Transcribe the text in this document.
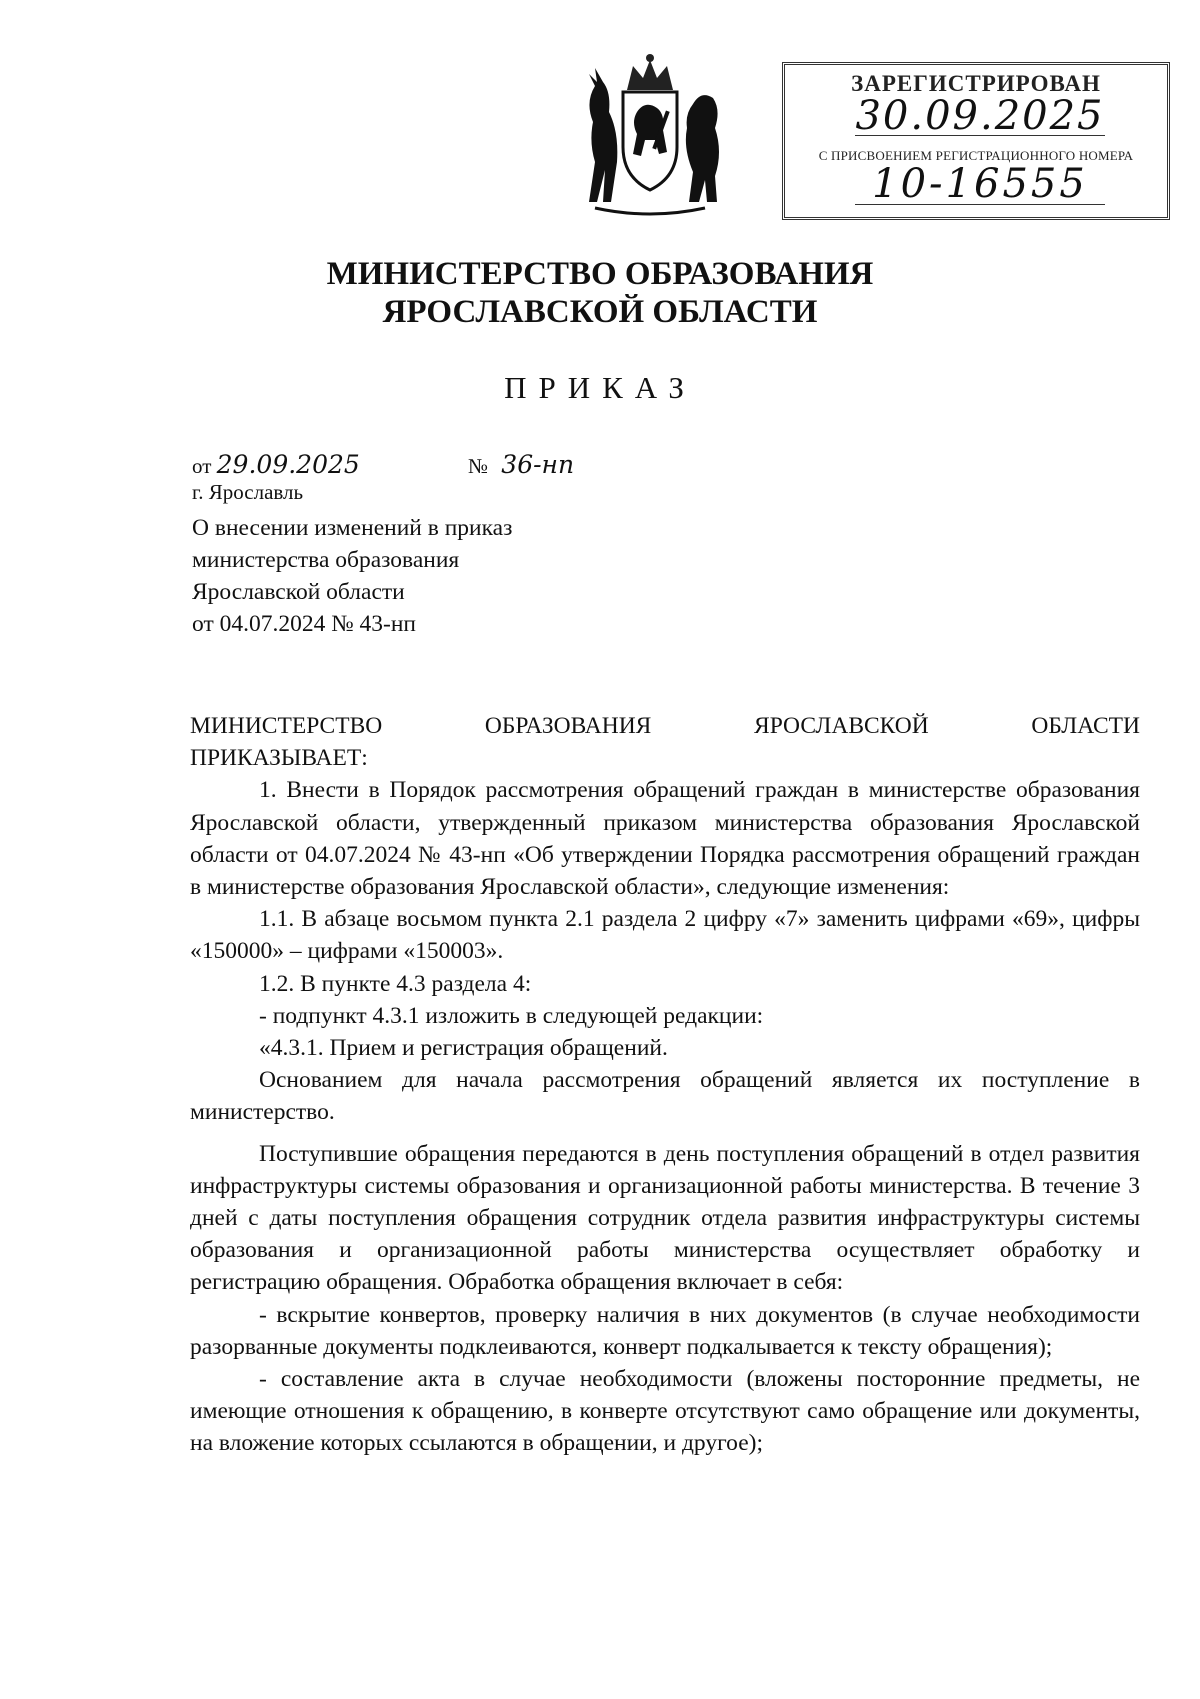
ЗАРЕГИСТРИРОВАН
30.09.2025
С ПРИСВОЕНИЕМ РЕГИСТРАЦИОННОГО НОМЕРА
10-16555
МИНИСТЕРСТВО ОБРАЗОВАНИЯ
ЯРОСЛАВСКОЙ ОБЛАСТИ
ПРИКАЗ
от 29.09.2025	№ 36-нп
г. Ярославль
О внесении изменений в приказ
министерства образования
Ярославской области
от 04.07.2024 № 43-нп

МИНИСТЕРСТВО ОБРАЗОВАНИЯ ЯРОСЛАВСКОЙ ОБЛАСТИ

ПРИКАЗЫВАЕТ:

1. Внести в Порядок рассмотрения обращений граждан в министерстве образования Ярославской области, утвержденный приказом министерства образования Ярославской области от 04.07.2024 № 43-нп «Об утверждении Порядка рассмотрения обращений граждан в министерстве образования Ярославской области», следующие изменения:

1.1. В абзаце восьмом пункта 2.1 раздела 2 цифру «7» заменить цифрами «69», цифры «150000» – цифрами «150003».

1.2. В пункте 4.3 раздела 4:

- подпункт 4.3.1 изложить в следующей редакции:

«4.3.1. Прием и регистрация обращений.

Основанием для начала рассмотрения обращений является их поступление в министерство.

Поступившие обращения передаются в день поступления обращений в отдел развития инфраструктуры системы образования и организационной работы министерства. В течение 3 дней с даты поступления обращения сотрудник отдела развития инфраструктуры системы образования и организационной работы министерства осуществляет обработку и регистрацию обращения. Обработка обращения включает в себя:

- вскрытие конвертов, проверку наличия в них документов (в случае необходимости разорванные документы подклеиваются, конверт подкалывается к тексту обращения);

- составление акта в случае необходимости (вложены посторонние предметы, не имеющие отношения к обращению, в конверте отсутствуют само обращение или документы, на вложение которых ссылаются в обращении, и другое);
